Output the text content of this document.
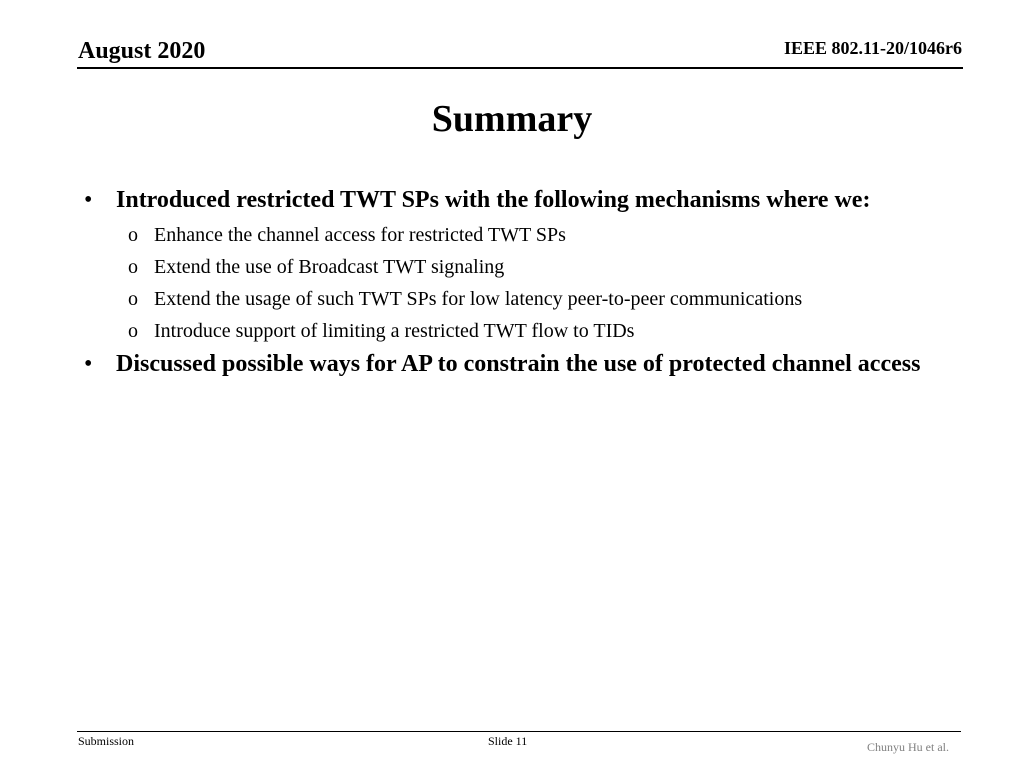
August 2020	IEEE 802.11-20/1046r6
Summary
• Introduced restricted TWT SPs with the following mechanisms where we:
o Enhance the channel access for restricted TWT SPs
o Extend the use of Broadcast TWT signaling
o Extend the usage of such TWT SPs for low latency peer-to-peer communications
o Introduce support of limiting a restricted TWT flow to TIDs
• Discussed possible ways for AP to constrain the use of protected channel access
Submission	Slide 11	Chunyu Hu et al.
